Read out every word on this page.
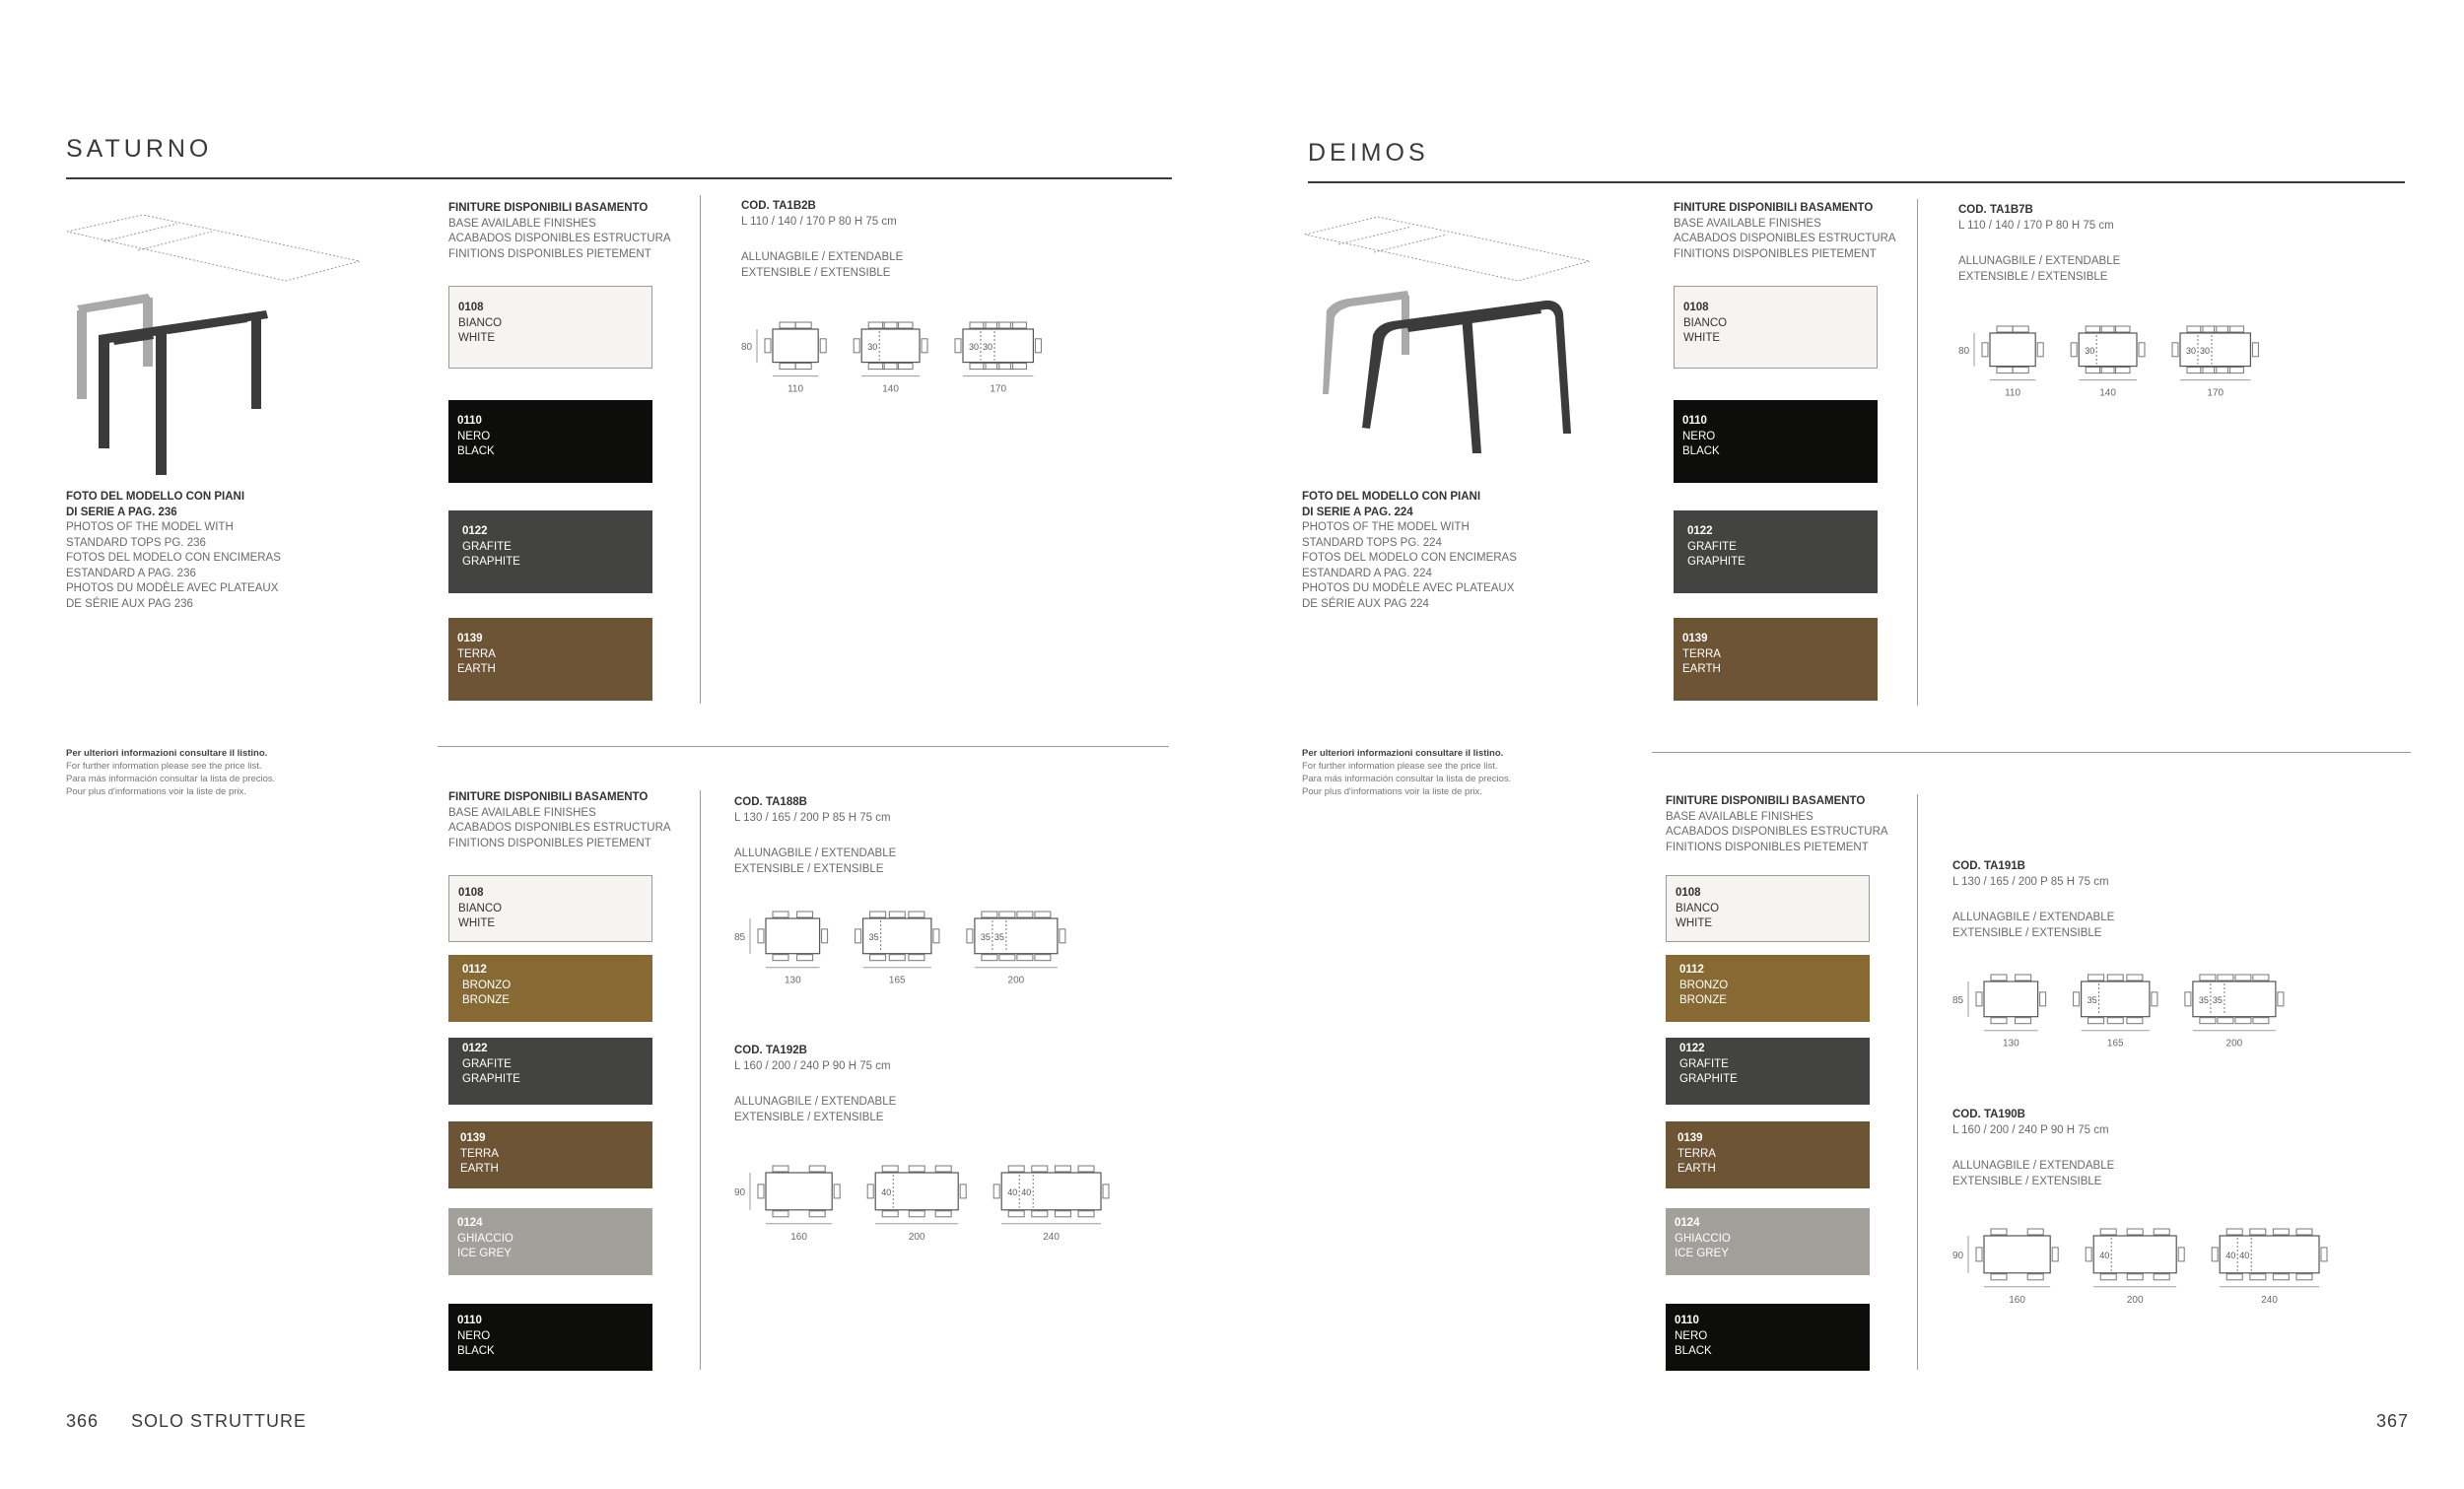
SATURNO
FOTO DEL MODELLO CON PIANI
DI SERIE A PAG. 236
PHOTOS OF THE MODEL WITH
STANDARD TOPS PG. 236
FOTOS DEL MODELO CON ENCIMERAS
ESTANDARD A PAG. 236
PHOTOS DU MODÈLE AVEC PLATEAUX
DE SÉRIE AUX PAG 236
Per ulteriori informazioni consultare il listino.
For further information please see the price list.
Para más información consultar la lista de precios.
Pour plus d'informations voir la liste de prix.
FINITURE DISPONIBILI BASAMENTO
BASE AVAILABLE FINISHES
ACABADOS DISPONIBLES ESTRUCTURA
FINITIONS DISPONIBLES PIETEMENT
0108
BIANCO
WHITE
0110
NERO
BLACK
0122
GRAFITE
GRAPHITE
0139
TERRA
EARTH
COD. TA1B2B
L 110 / 140 / 170 P 80 H 75 cm
ALLUNAGBILE / EXTENDABLE
EXTENSIBLE / EXTENSIBLE
80
110
30
140
30 30
170
FINITURE DISPONIBILI BASAMENTO
BASE AVAILABLE FINISHES
ACABADOS DISPONIBLES ESTRUCTURA
FINITIONS DISPONIBLES PIETEMENT
0108
BIANCO
WHITE
0112
BRONZO
BRONZE
0122
GRAFITE
GRAPHITE
0139
TERRA
EARTH
0124
GHIACCIO
ICE GREY
0110
NERO
BLACK
COD. TA188B
L 130 / 165 / 200 P 85 H 75 cm
ALLUNAGBILE / EXTENDABLE
EXTENSIBLE / EXTENSIBLE
85
130
35
165
35 35
200
COD. TA192B
L 160 / 200 / 240 P 90 H 75 cm
ALLUNAGBILE / EXTENDABLE
EXTENSIBLE / EXTENSIBLE
90
160
40
200
40 40
240
366 SOLO STRUTTURE
DEIMOS
FOTO DEL MODELLO CON PIANI
DI SERIE A PAG. 224
PHOTOS OF THE MODEL WITH
STANDARD TOPS PG. 224
FOTOS DEL MODELO CON ENCIMERAS
ESTANDARD A PAG. 224
PHOTOS DU MODÈLE AVEC PLATEAUX
DE SÉRIE AUX PAG 224
Per ulteriori informazioni consultare il listino.
For further information please see the price list.
Para más información consultar la lista de precios.
Pour plus d'informations voir la liste de prix.
FINITURE DISPONIBILI BASAMENTO
BASE AVAILABLE FINISHES
ACABADOS DISPONIBLES ESTRUCTURA
FINITIONS DISPONIBLES PIETEMENT
0108
BIANCO
WHITE
0110
NERO
BLACK
0122
GRAFITE
GRAPHITE
0139
TERRA
EARTH
COD. TA1B7B
L 110 / 140 / 170 P 80 H 75 cm
ALLUNAGBILE / EXTENDABLE
EXTENSIBLE / EXTENSIBLE
80
110
30
140
30 30
170
FINITURE DISPONIBILI BASAMENTO
BASE AVAILABLE FINISHES
ACABADOS DISPONIBLES ESTRUCTURA
FINITIONS DISPONIBLES PIETEMENT
0108
BIANCO
WHITE
0112
BRONZO
BRONZE
0122
GRAFITE
GRAPHITE
0139
TERRA
EARTH
0124
GHIACCIO
ICE GREY
0110
NERO
BLACK
COD. TA191B
L 130 / 165 / 200 P 85 H 75 cm
ALLUNAGBILE / EXTENDABLE
EXTENSIBLE / EXTENSIBLE
85
130
35
165
35 35
200
COD. TA190B
L 160 / 200 / 240 P 90 H 75 cm
ALLUNAGBILE / EXTENDABLE
EXTENSIBLE / EXTENSIBLE
90
160
40
200
40 40
240
367
